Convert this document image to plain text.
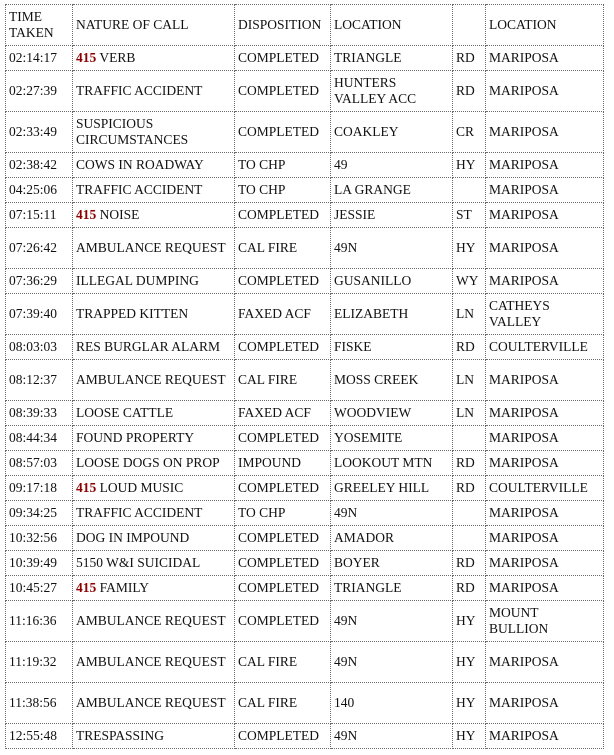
TIME TAKEN	NATURE OF CALL	DISPOSITION	LOCATION		LOCATION
02:14:17	415 VERB	COMPLETED	TRIANGLE	RD	MARIPOSA
02:27:39	TRAFFIC ACCIDENT	COMPLETED	HUNTERS VALLEY ACC	RD	MARIPOSA
02:33:49	SUSPICIOUS CIRCUMSTANCES	COMPLETED	COAKLEY	CR	MARIPOSA
02:38:42	COWS IN ROADWAY	TO CHP	49	HY	MARIPOSA
04:25:06	TRAFFIC ACCIDENT	TO CHP	LA GRANGE		MARIPOSA
07:15:11	415 NOISE	COMPLETED	JESSIE	ST	MARIPOSA
07:26:42	AMBULANCE REQUEST	CAL FIRE	49N	HY	MARIPOSA
07:36:29	ILLEGAL DUMPING	COMPLETED	GUSANILLO	WY	MARIPOSA
07:39:40	TRAPPED KITTEN	FAXED ACF	ELIZABETH	LN	CATHEYS VALLEY
08:03:03	RES BURGLAR ALARM	COMPLETED	FISKE	RD	COULTERVILLE
08:12:37	AMBULANCE REQUEST	CAL FIRE	MOSS CREEK	LN	MARIPOSA
08:39:33	LOOSE CATTLE	FAXED ACF	WOODVIEW	LN	MARIPOSA
08:44:34	FOUND PROPERTY	COMPLETED	YOSEMITE		MARIPOSA
08:57:03	LOOSE DOGS ON PROP	IMPOUND	LOOKOUT MTN	RD	MARIPOSA
09:17:18	415 LOUD MUSIC	COMPLETED	GREELEY HILL	RD	COULTERVILLE
09:34:25	TRAFFIC ACCIDENT	TO CHP	49N		MARIPOSA
10:32:56	DOG IN IMPOUND	COMPLETED	AMADOR		MARIPOSA
10:39:49	5150 W&I SUICIDAL	COMPLETED	BOYER	RD	MARIPOSA
10:45:27	415 FAMILY	COMPLETED	TRIANGLE	RD	MARIPOSA
11:16:36	AMBULANCE REQUEST	COMPLETED	49N	HY	MOUNT BULLION
11:19:32	AMBULANCE REQUEST	CAL FIRE	49N	HY	MARIPOSA
11:38:56	AMBULANCE REQUEST	CAL FIRE	140	HY	MARIPOSA
12:55:48	TRESPASSING	COMPLETED	49N	HY	MARIPOSA
